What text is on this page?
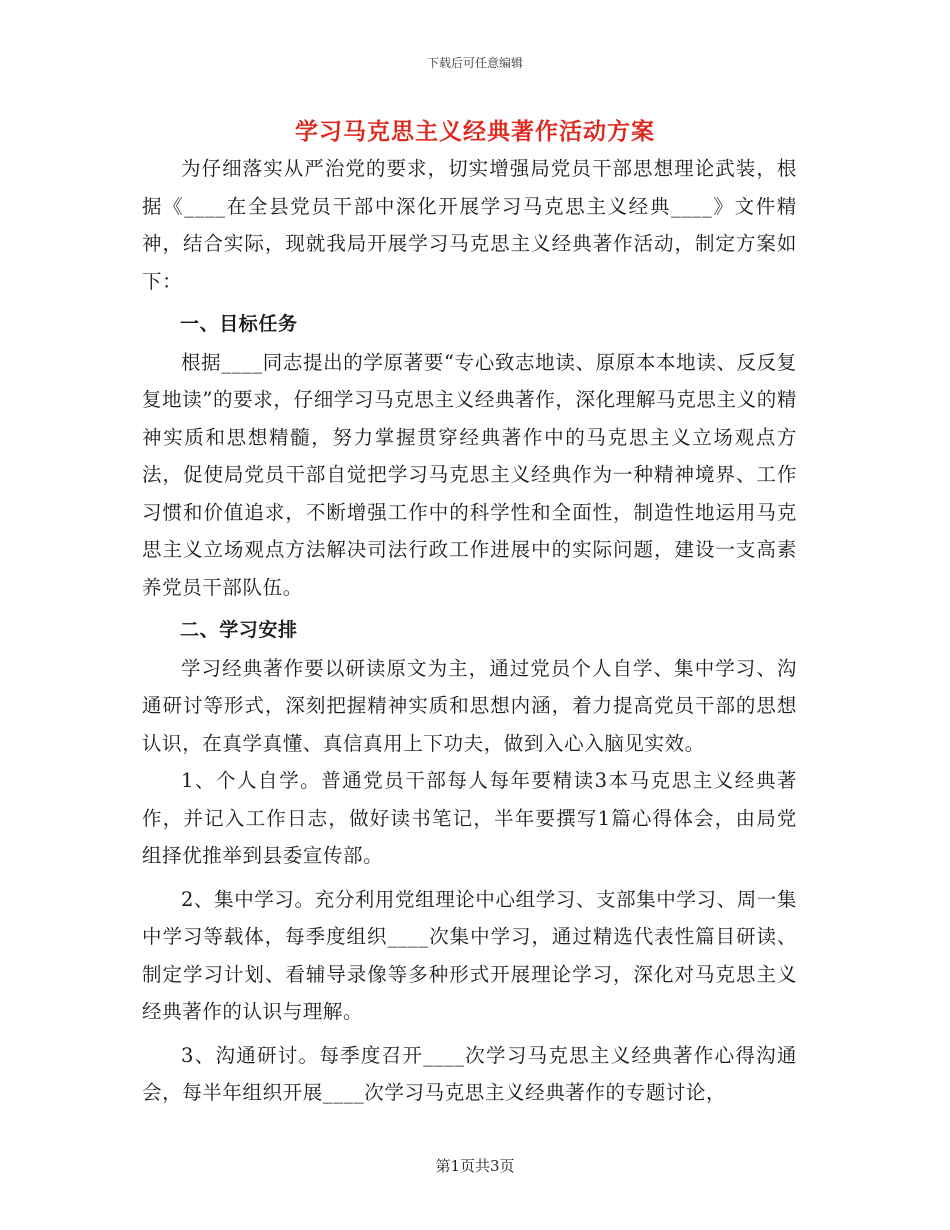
下载后可任意编辑
学习马克思主义经典著作活动方案

为仔细落实从严治党的要求，切实增强局党员干部思想理论武装，根据《____在全县党员干部中深化开展学习马克思主义经典____》文件精神，结合实际，现就我局开展学习马克思主义经典著作活动，制定方案如下：

一、目标任务

根据____同志提出的学原著要“专心致志地读、原原本本地读、反反复复地读”的要求，仔细学习马克思主义经典著作，深化理解马克思主义的精神实质和思想精髓，努力掌握贯穿经典著作中的马克思主义立场观点方法，促使局党员干部自觉把学习马克思主义经典作为一种精神境界、工作习惯和价值追求，不断增强工作中的科学性和全面性，制造性地运用马克思主义立场观点方法解决司法行政工作进展中的实际问题，建设一支高素养党员干部队伍。

二、学习安排

学习经典著作要以研读原文为主，通过党员个人自学、集中学习、沟通研讨等形式，深刻把握精神实质和思想内涵，着力提高党员干部的思想认识，在真学真懂、真信真用上下功夫，做到入心入脑见实效。

1、个人自学。普通党员干部每人每年要精读3本马克思主义经典著作，并记入工作日志，做好读书笔记，半年要撰写1篇心得体会，由局党组择优推举到县委宣传部。

2、集中学习。充分利用党组理论中心组学习、支部集中学习、周一集中学习等载体，每季度组织____次集中学习，通过精选代表性篇目研读、制定学习计划、看辅导录像等多种形式开展理论学习，深化对马克思主义经典著作的认识与理解。

3、沟通研讨。每季度召开____次学习马克思主义经典著作心得沟通会，每半年组织开展____次学习马克思主义经典著作的专题讨论，

第1页共3页
